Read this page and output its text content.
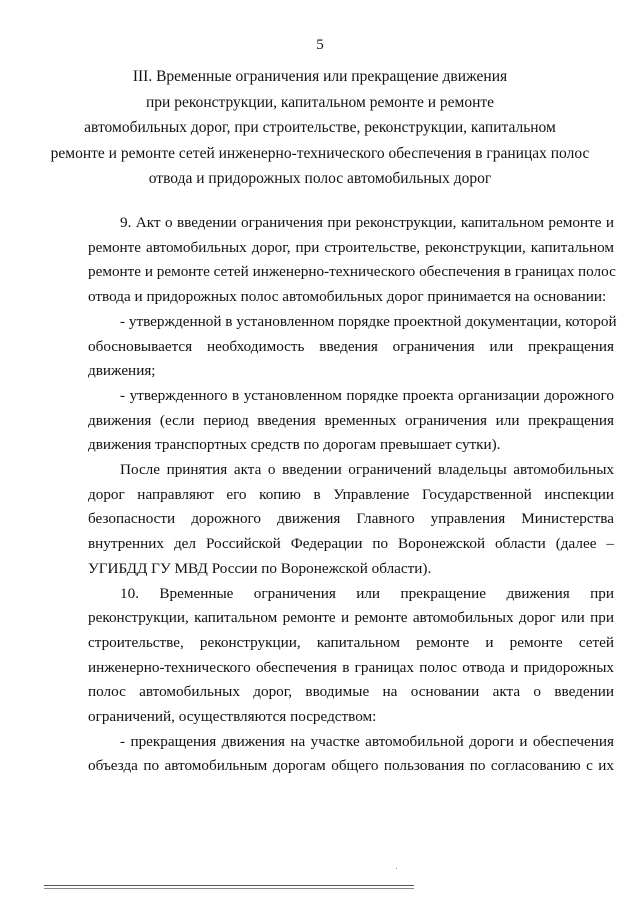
5
III. Временные ограничения или прекращение движения
при реконструкции, капитальном ремонте и ремонте
автомобильных дорог, при строительстве, реконструкции, капитальном
ремонте и ремонте сетей инженерно-технического обеспечения в границах полос
отвода и придорожных полос автомобильных дорог
9. Акт о введении ограничения при реконструкции, капитальном ремонте и
ремонте автомобильных дорог, при строительстве, реконструкции, капитальном
ремонте и ремонте сетей инженерно-технического обеспечения в границах полос
отвода и придорожных полос автомобильных дорог принимается на основании:
- утвержденной в установленном порядке проектной документации, которой
обосновывается необходимость введения ограничения или прекращения
движения;
- утвержденного в установленном порядке проекта организации дорожного
движения (если период введения временных ограничения или прекращения
движения транспортных средств по дорогам превышает сутки).
После принятия акта о введении ограничений владельцы автомобильных
дорог направляют его копию в Управление Государственной инспекции
безопасности дорожного движения Главного управления Министерства
внутренних дел Российской Федерации по Воронежской области (далее –
УГИБДД ГУ МВД России по Воронежской области).
10. Временные ограничения или прекращение движения при
реконструкции, капитальном ремонте и ремонте автомобильных дорог или при
строительстве, реконструкции, капитальном ремонте и ремонте сетей
инженерно-технического обеспечения в границах полос отвода и придорожных
полос автомобильных дорог, вводимые на основании акта о введении
ограничений, осуществляются посредством:
- прекращения движения на участке автомобильной дороги и обеспечения
объезда по автомобильным дорогам общего пользования по согласованию с их
